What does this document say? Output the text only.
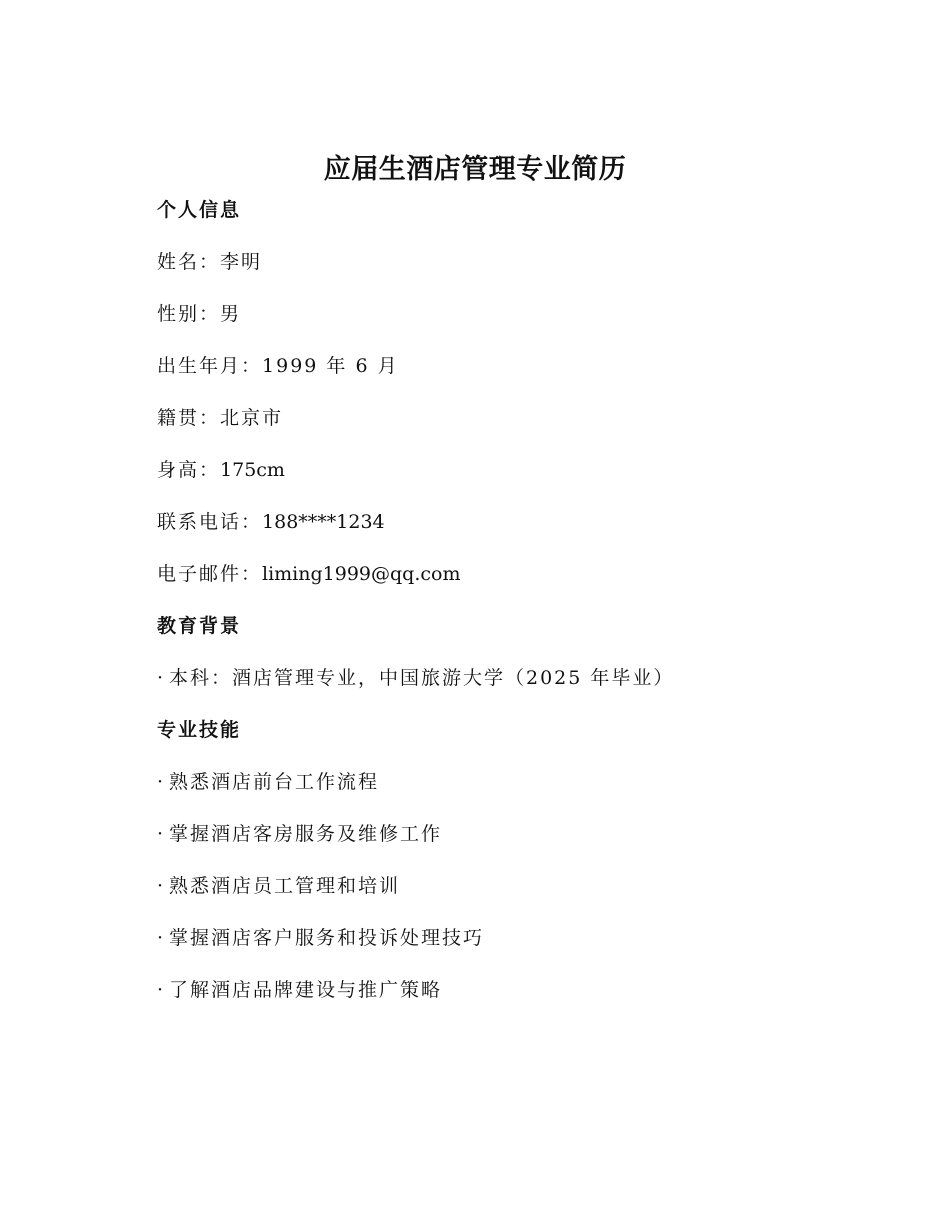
应届生酒店管理专业简历
个人信息
姓名：李明
性别：男
出生年月：1999 年 6 月
籍贯：北京市
身高：175cm
联系电话：188****1234
电子邮件：liming1999@qq.com
教育背景
· 本科：酒店管理专业，中国旅游大学（2025 年毕业）
专业技能
· 熟悉酒店前台工作流程
· 掌握酒店客房服务及维修工作
· 熟悉酒店员工管理和培训
· 掌握酒店客户服务和投诉处理技巧
· 了解酒店品牌建设与推广策略
